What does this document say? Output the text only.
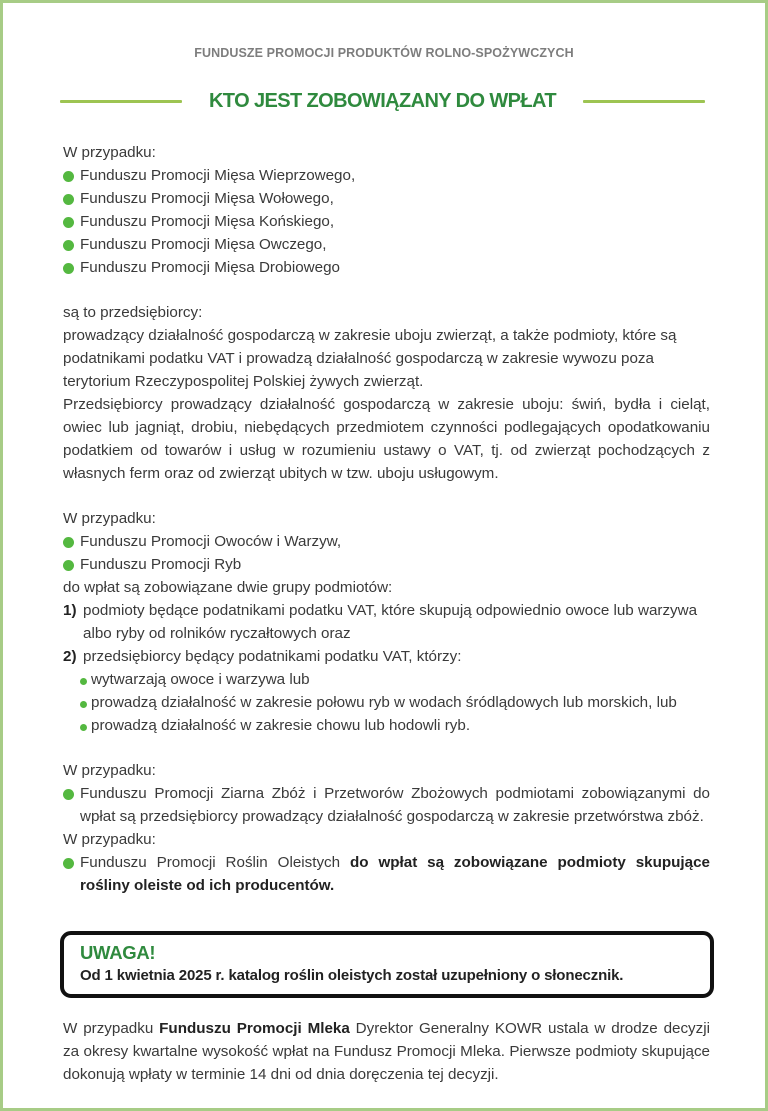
FUNDUSZE PROMOCJI PRODUKTÓW ROLNO-SPOŻYWCZYCH
KTO JEST ZOBOWIĄZANY DO WPŁAT

W przypadku:

Funduszu Promocji Mięsa Wieprzowego,
Funduszu Promocji Mięsa Wołowego,
Funduszu Promocji Mięsa Końskiego,
Funduszu Promocji Mięsa Owczego,
Funduszu Promocji Mięsa Drobiowego

są to przedsiębiorcy:

prowadzący działalność gospodarczą w zakresie uboju zwierząt, a także podmioty, które są podatnikami podatku VAT i prowadzą działalność gospodarczą w zakresie wywozu poza terytorium Rzeczypospolitej Polskiej żywych zwierząt.

Przedsiębiorcy prowadzący działalność gospodarczą w zakresie uboju: świń, bydła i cieląt, owiec lub jagniąt, drobiu, niebędących przedmiotem czynności podlegających opodatkowaniu podatkiem od towarów i usług w rozumieniu ustawy o VAT, tj. od zwierząt pochodzących z własnych ferm oraz od zwierząt ubitych w tzw. uboju usługowym.

W przypadku:

Funduszu Promocji Owoców i Warzyw,
Funduszu Promocji Ryb

do wpłat są zobowiązane dwie grupy podmiotów:

1) podmioty będące podatnikami podatku VAT, które skupują odpowiednio owoce lub warzywa albo ryby od rolników ryczałtowych oraz
2) przedsiębiorcy będący podatnikami podatku VAT, którzy:
wytwarzają owoce i warzywa lub
prowadzą działalność w zakresie połowu ryb w wodach śródlądowych lub morskich, lub
prowadzą działalność w zakresie chowu lub hodowli ryb.

W przypadku:

Funduszu Promocji Ziarna Zbóż i Przetworów Zbożowych podmiotami zobowiązanymi do wpłat są przedsiębiorcy prowadzący działalność gospodarczą w zakresie przetwórstwa zbóż.

W przypadku:

Funduszu Promocji Roślin Oleistych do wpłat są zobowiązane podmioty skupujące rośliny oleiste od ich producentów.
UWAGA!
Od 1 kwietnia 2025 r. katalog roślin oleistych został uzupełniony o słonecznik.

W przypadku Funduszu Promocji Mleka Dyrektor Generalny KOWR ustala w drodze decyzji za okresy kwartalne wysokość wpłat na Fundusz Promocji Mleka. Pierwsze podmioty skupujące dokonują wpłaty w terminie 14 dni od dnia doręczenia tej decyzji.
